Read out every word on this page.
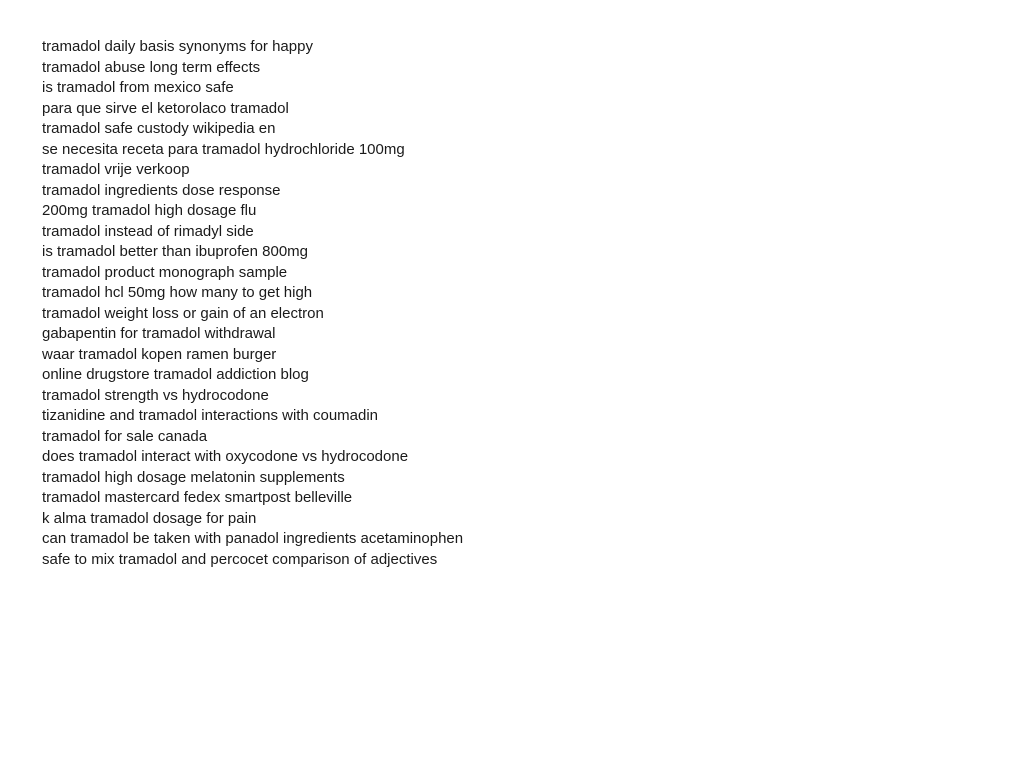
tramadol daily basis synonyms for happy
tramadol abuse long term effects
is tramadol from mexico safe
para que sirve el ketorolaco tramadol
tramadol safe custody wikipedia en
se necesita receta para tramadol hydrochloride 100mg
tramadol vrije verkoop
tramadol ingredients dose response
200mg tramadol high dosage flu
tramadol instead of rimadyl side
is tramadol better than ibuprofen 800mg
tramadol product monograph sample
tramadol hcl 50mg how many to get high
tramadol weight loss or gain of an electron
gabapentin for tramadol withdrawal
waar tramadol kopen ramen burger
online drugstore tramadol addiction blog
tramadol strength vs hydrocodone
tizanidine and tramadol interactions with coumadin
tramadol for sale canada
does tramadol interact with oxycodone vs hydrocodone
tramadol high dosage melatonin supplements
tramadol mastercard fedex smartpost belleville
k alma tramadol dosage for pain
can tramadol be taken with panadol ingredients acetaminophen
safe to mix tramadol and percocet comparison of adjectives
